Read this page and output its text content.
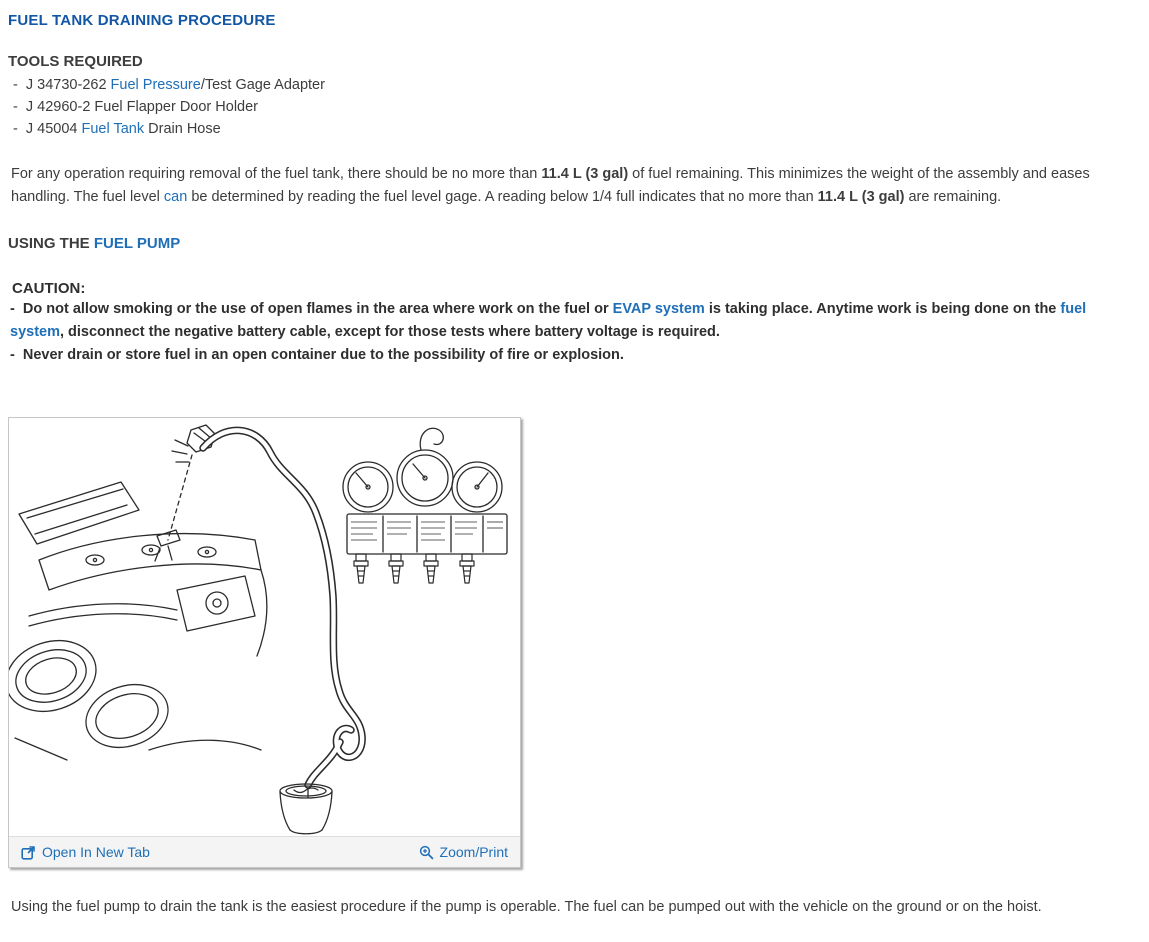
FUEL TANK DRAINING PROCEDURE
TOOLS REQUIRED
-  J 34730-262 Fuel Pressure/Test Gage Adapter
-  J 42960-2 Fuel Flapper Door Holder
-  J 45004 Fuel Tank Drain Hose
For any operation requiring removal of the fuel tank, there should be no more than 11.4 L (3 gal) of fuel remaining. This minimizes the weight of the assembly and eases handling. The fuel level can be determined by reading the fuel level gage. A reading below 1/4 full indicates that no more than 11.4 L (3 gal) are remaining.
USING THE FUEL PUMP
CAUTION:
-  Do not allow smoking or the use of open flames in the area where work on the fuel or EVAP system is taking place. Anytime work is being done on the fuel system, disconnect the negative battery cable, except for those tests where battery voltage is required.
-  Never drain or store fuel in an open container due to the possibility of fire or explosion.
Open In New Tab	Zoom/Print
Using the fuel pump to drain the tank is the easiest procedure if the pump is operable. The fuel can be pumped out with the vehicle on the ground or on the hoist.
